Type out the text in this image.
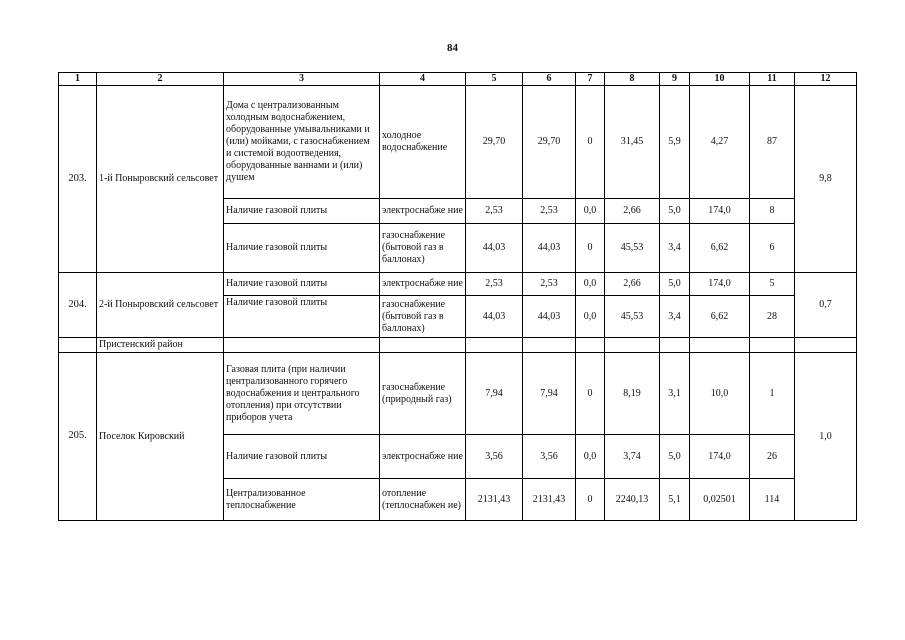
84
1	2	3	4	5	6	7	8	9	10	11	12
203.	1-й Поныровский сельсовет	Дома с централизованным холодным водоснабжением, оборудованные умывальниками и (или) мойками, с газоснабжением и системой водоотведения, оборудованные ваннами и (или) душем	холодное водоснабжение	29,70	29,70	0	31,45	5,9	4,27	87	9,8
		Наличие газовой плиты	электроснабже ние	2,53	2,53	0,0	2,66	5,0	174,0	8	
		Наличие газовой плиты	газоснабжение (бытовой газ в баллонах)	44,03	44,03	0	45,53	3,4	6,62	6	
204.	2-й Поныровский сельсовет	Наличие газовой плиты	электроснабже ние	2,53	2,53	0,0	2,66	5,0	174,0	5	0,7
		Наличие газовой плиты	газоснабжение (бытовой газ в баллонах)	44,03	44,03	0,0	45,53	3,4	6,62	28	
	Пристенский район										
205.	Поселок Кировский	Газовая плита (при наличии централизованного горячего водоснабжения и центрального отопления) при отсутствии приборов учета	газоснабжение (природный газ)	7,94	7,94	0	8,19	3,1	10,0	1	1,0
		Наличие газовой плиты	электроснабже ние	3,56	3,56	0,0	3,74	5,0	174,0	26	
		Централизованное теплоснабжение	отопление (теплоснабжен ие)	2131,43	2131,43	0	2240,13	5,1	0,02501	114	
